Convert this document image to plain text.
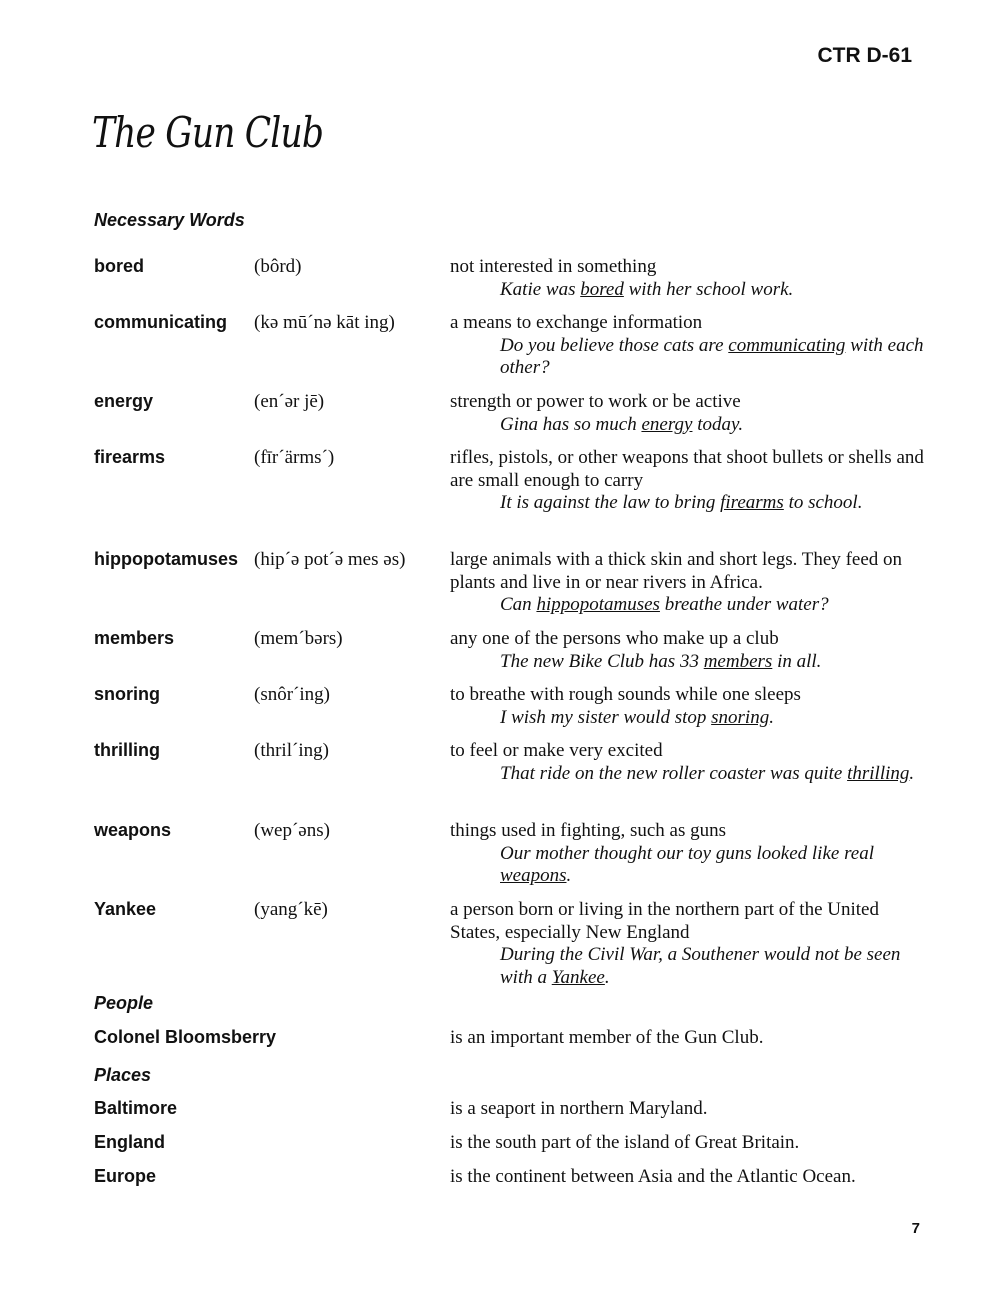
CTR D-61
The Gun Club
Necessary Words
bored	(bôrd)	not interested in something
Katie was bored with her school work.
communicating (kə mū´nə kāt ing)	a means to exchange information
Do you believe those cats are communicating with each other?
energy	(en´ər jē)	strength or power to work or be active
Gina has so much energy today.
firearms	(fīr´ärms´)	rifles, pistols, or other weapons that shoot bullets or shells and are small enough to carry
It is against the law to bring firearms to school.
hippopotamuses (hip´ə pot´ə mes əs) large animals with a thick skin and short legs. They feed on plants and live in or near rivers in Africa.
Can hippopotamuses breathe under water?
members	(mem´bərs)	any one of the persons who make up a club
The new Bike Club has 33 members in all.
snoring	(snôr´ing)	to breathe with rough sounds while one sleeps
I wish my sister would stop snoring.
thrilling	(thril´ing)	to feel or make very excited
That ride on the new roller coaster was quite thrilling.
weapons	(wep´əns)	things used in fighting, such as guns
Our mother thought our toy guns looked like real weapons.
Yankee	(yang´kē)	a person born or living in the northern part of the United States, especially New England
During the Civil War, a Southener would not be seen with a Yankee.
People
Colonel Bloomsberry	is an important member of the Gun Club.
Places
Baltimore	is a seaport in northern Maryland.
England	is the south part of the island of Great Britain.
Europe	is the continent between Asia and the Atlantic Ocean.
7
